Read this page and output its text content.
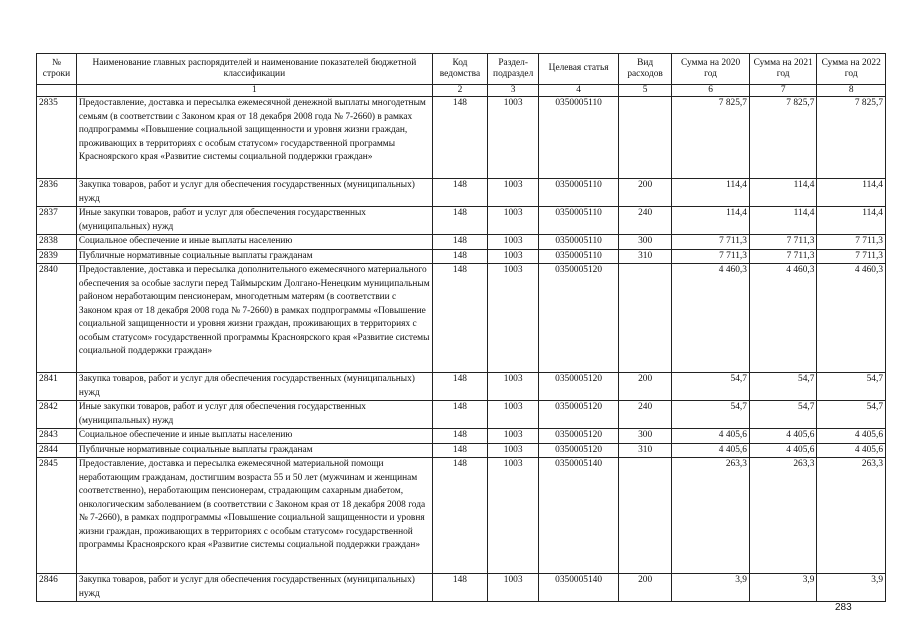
№ строки	Наименование главных распорядителей и наименование показателей бюджетной классификации	Код ведомства	Раздел-подраздел	Целевая статья	Вид расходов	Сумма на 2020 год	Сумма на 2021 год	Сумма на 2022 год
	1	2	3	4	5	6	7	8
2835	Предоставление, доставка и пересылка ежемесячной денежной выплаты многодетным семьям (в соответствии с Законом края от 18 декабря 2008 года № 7-2660) в рамках подпрограммы «Повышение социальной защищенности и уровня жизни граждан, проживающих в территориях с особым статусом» государственной программы Красноярского края «Развитие системы социальной поддержки граждан»	148	1003	0350005110		7 825,7	7 825,7	7 825,7
2836	Закупка товаров, работ и услуг для обеспечения государственных (муниципальных) нужд	148	1003	0350005110	200	114,4	114,4	114,4
2837	Иные закупки товаров, работ и услуг для обеспечения государственных (муниципальных) нужд	148	1003	0350005110	240	114,4	114,4	114,4
2838	Социальное обеспечение и иные выплаты населению	148	1003	0350005110	300	7 711,3	7 711,3	7 711,3
2839	Публичные нормативные социальные выплаты гражданам	148	1003	0350005110	310	7 711,3	7 711,3	7 711,3
2840	Предоставление, доставка и пересылка дополнительного ежемесячного материального обеспечения за особые заслуги перед Таймырским Долгано-Ненецким муниципальным районом неработающим пенсионерам, многодетным матерям (в соответствии с Законом края от 18 декабря 2008 года № 7-2660) в рамках подпрограммы «Повышение социальной защищенности и уровня жизни граждан, проживающих в территориях с особым статусом» государственной программы Красноярского края «Развитие системы социальной поддержки граждан»	148	1003	0350005120		4 460,3	4 460,3	4 460,3
2841	Закупка товаров, работ и услуг для обеспечения государственных (муниципальных) нужд	148	1003	0350005120	200	54,7	54,7	54,7
2842	Иные закупки товаров, работ и услуг для обеспечения государственных (муниципальных) нужд	148	1003	0350005120	240	54,7	54,7	54,7
2843	Социальное обеспечение и иные выплаты населению	148	1003	0350005120	300	4 405,6	4 405,6	4 405,6
2844	Публичные нормативные социальные выплаты гражданам	148	1003	0350005120	310	4 405,6	4 405,6	4 405,6
2845	Предоставление, доставка и пересылка ежемесячной материальной помощи неработающим гражданам, достигшим возраста 55 и 50 лет (мужчинам и женщинам соответственно), неработающим пенсионерам, страдающим сахарным диабетом, онкологическим заболеванием (в соответствии с Законом края от 18 декабря 2008 года № 7-2660), в рамках подпрограммы «Повышение социальной защищенности и уровня жизни граждан, проживающих в территориях с особым статусом» государственной программы Красноярского края «Развитие системы социальной поддержки граждан»	148	1003	0350005140		263,3	263,3	263,3
2846	Закупка товаров, работ и услуг для обеспечения государственных (муниципальных) нужд	148	1003	0350005140	200	3,9	3,9	3,9
283
